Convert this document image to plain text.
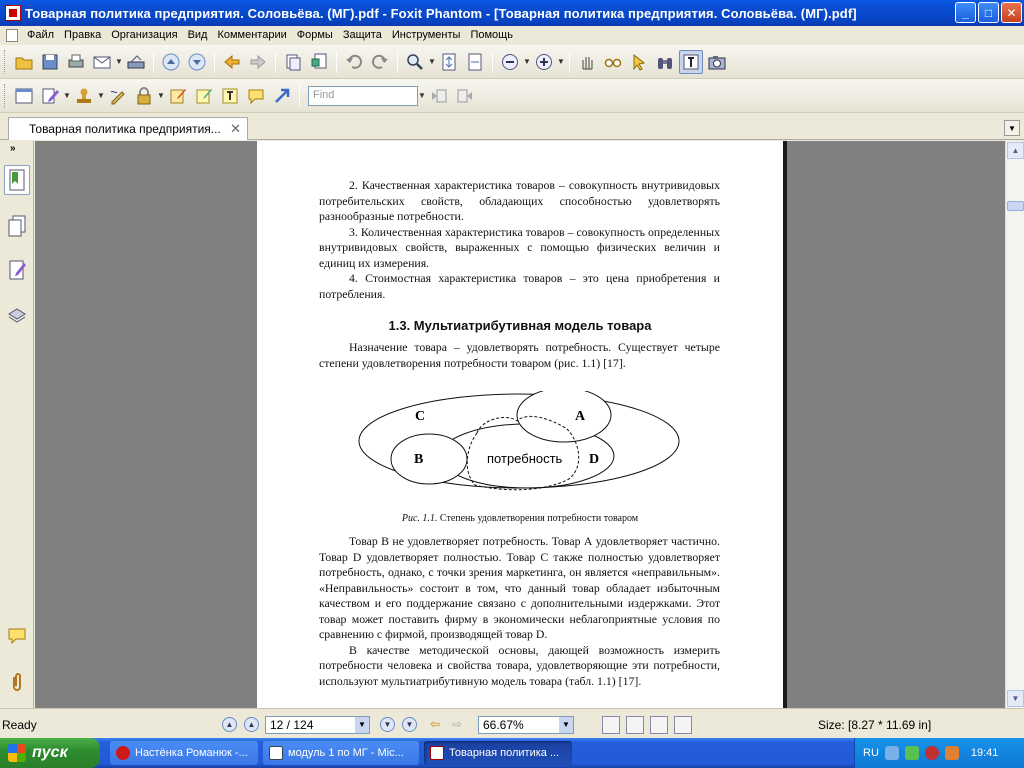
Товарная политика предприятия. Соловьёва. (МГ).pdf - Foxit Phantom - [Товарная политика предприятия. Соловьёва. (МГ).pdf]	_	□	✕
Файл Правка Организация Вид Комментарии Формы Защита Инструменты Помощь
▼	▼	▼	▼
▼	▼	▼	Find	▼
Товарная политика предприятия... ✕	▼
»

2. Качественная характеристика товаров – совокупность внутривидовых потребительских свойств, обладающих способностью удовлетворять разнообразные потребности.

3. Количественная характеристика товаров – совокупность определенных внутривидовых свойств, выраженных с помощью физических величин и единиц их измерения.

4. Стоимостная характеристика товаров – это цена приобретения и потребления.

1.3. Мультиатрибутивная модель товара

Назначение товара – удовлетворять потребность. Существует четыре степени удовлетворения потребности товаром (рис. 1.1) [17].

С	А
В	D
потребность
Рис. 1.1. Степень удовлетворения потребности товаром

Товар В не удовлетворяет потребность. Товар А удовлетворяет частично. Товар D удовлетворяет полностью. Товар С также полностью удовлетворяет потребность, однако, с точки зрения маркетинга, он является «неправильным». «Неправильность» состоит в том, что данный товар обладает избыточным качеством и его поддержание связано с дополнительными издержками. Этот товар может поставить фирму в экономически неблагоприятные условия по сравнению с фирмой, производящей товар D.

В качестве методической основы, дающей возможность измерить потребности человека и свойства товара, удовлетворяющие эти потребности, используют мультиатрибутивную модель товара (табл. 1.1) [17].

▲
▼
Ready	▲	▲	12 / 124	▼	▼	▼ ⇦ ⇨	66.67%	▼	Size: [8.27 * 11.69 in]
пуск	Настёнка Романюк -...	модуль 1 по МГ - Mic...	Товарная политика ...	RU	19:41
